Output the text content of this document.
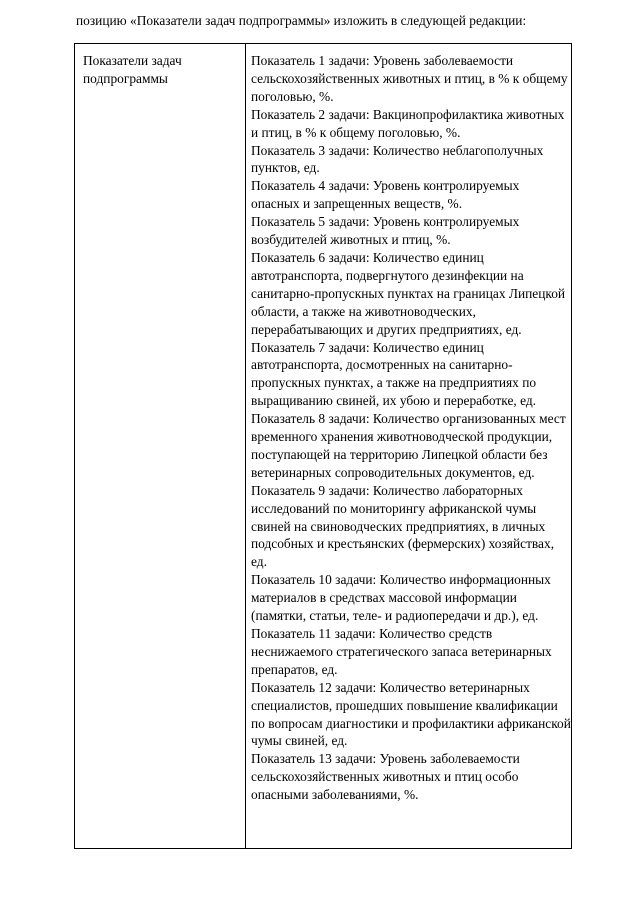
позицию «Показатели задач подпрограммы» изложить в следующей редакции:
Показатели задач подпрограммы

Показатель 1 задачи: Уровень заболеваемости сельскохозяйственных животных и птиц, в % к общему поголовью, %.

Показатель 2 задачи: Вакцинопрофилактика животных и птиц, в % к общему поголовью, %.

Показатель 3 задачи: Количество неблагополучных пунктов, ед.

Показатель 4 задачи: Уровень контролируемых опасных и запрещенных веществ, %.

Показатель 5 задачи: Уровень контролируемых возбудителей животных и птиц, %.

Показатель 6 задачи: Количество единиц автотранспорта, подвергнутого дезинфекции на санитарно-пропускных пунктах на границах Липецкой области, а также на животноводческих, перерабатывающих и других предприятиях, ед.

Показатель 7 задачи: Количество единиц автотранспорта, досмотренных на санитарно-пропускных пунктах, а также на предприятиях по выращиванию свиней, их убою и переработке, ед.

Показатель 8 задачи: Количество организованных мест временного хранения животноводческой продукции, поступающей на территорию Липецкой области без ветеринарных сопроводительных документов, ед.

Показатель 9 задачи: Количество лабораторных исследований по мониторингу африканской чумы свиней на свиноводческих предприятиях, в личных подсобных и крестьянских (фермерских) хозяйствах, ед.

Показатель 10 задачи: Количество информационных материалов в средствах массовой информации (памятки, статьи, теле- и радиопередачи и др.), ед.

Показатель 11 задачи: Количество средств неснижаемого стратегического запаса ветеринарных препаратов, ед.

Показатель 12 задачи: Количество ветеринарных специалистов, прошедших повышение квалификации по вопросам диагностики и профилактики африканской чумы свиней, ед.

Показатель 13 задачи: Уровень заболеваемости сельскохозяйственных животных и птиц особо опасными заболеваниями, %.
